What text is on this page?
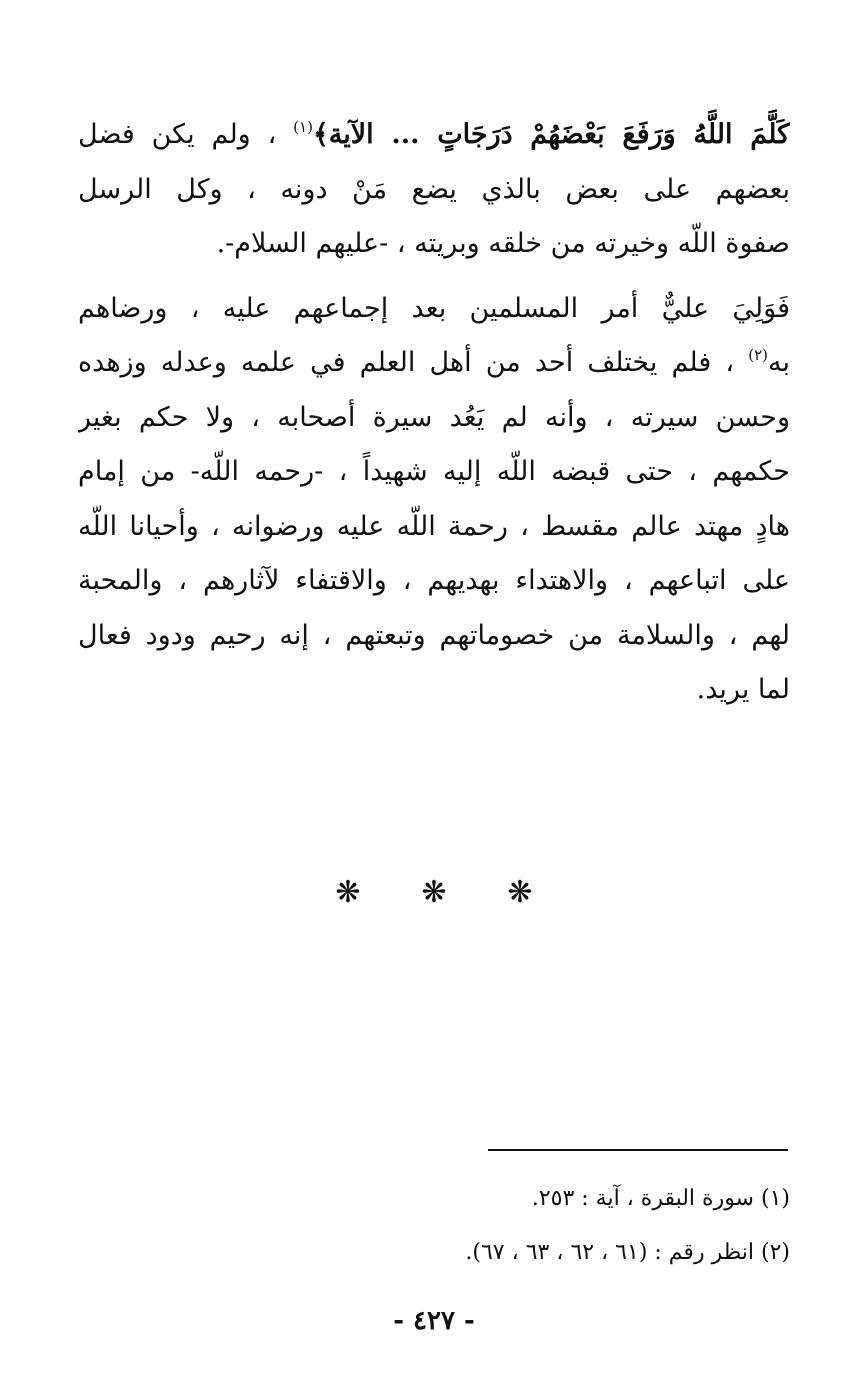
كَلَّمَ اللَّهُ وَرَفَعَ بَعْضَهُمْ دَرَجَاتٍ ... الآية﴾$^{(١)}$ ، ولم يكن فضل
بعضهم على بعض بالذي يضع مَنْ دونه ، وكل الرسل
صفوة اللّه وخيرته من خلقه وبريته ، -عليهم السلام-.
فَوَلِيَ عليٌّ أمر المسلمين بعد إجماعهم عليه ، ورضاهم
به$^{(٢)}$ ، فلم يختلف أحد من أهل العلم في علمه وعدله وزهده
وحسن سيرته ، وأنه لم يَعُد سيرة أصحابه ، ولا حكم بغير
حكمهم ، حتى قبضه اللّه إليه شهيداً ، -رحمه اللّه- من إمام
هادٍ مهتد عالم مقسط ، رحمة اللّه عليه ورضوانه ، وأحيانا اللّه
على اتباعهم ، والاهتداء بهديهم ، والاقتفاء لآثارهم ، والمحبة
لهم ، والسلامة من خصوماتهم وتبعتهم ، إنه رحيم ودود فعال
لما يريد.
❋ ❋ ❋
(١) سورة البقرة ، آية : ٢٥٣.
(٢) انظر رقم : (٦١ ، ٦٢ ، ٦٣ ، ٦٧).
- ٤٢٧ -
